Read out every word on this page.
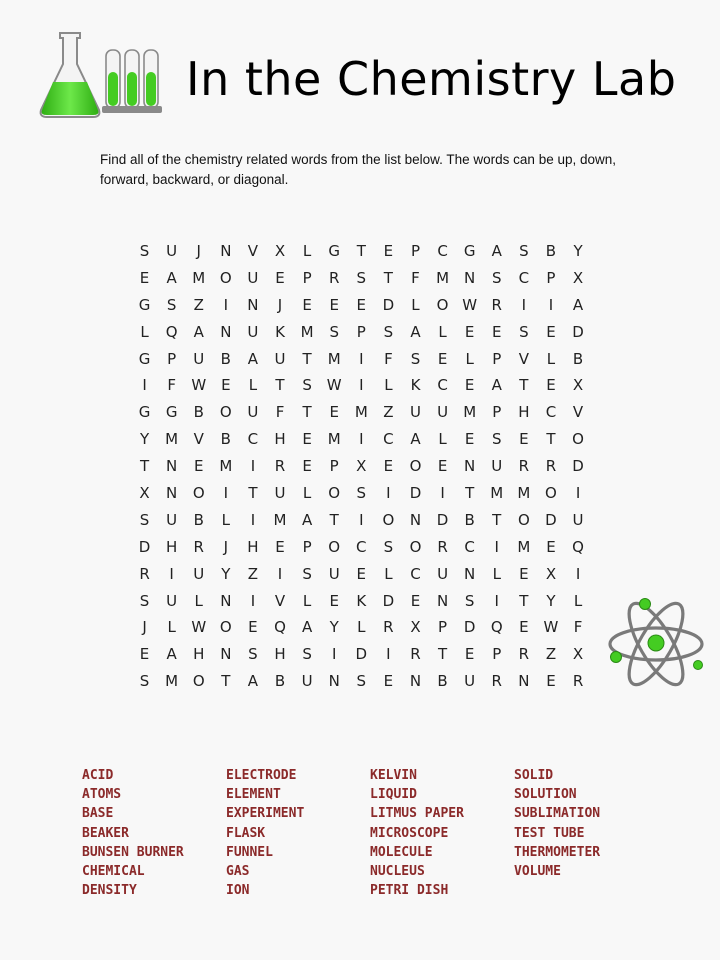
In the Chemistry Lab
Find all of the chemistry related words from the list below. The words can be up, down, forward, backward, or diagonal.
S	U	J	N	V	X	L	G	T	E	P	C	G	A	S	B	Y
E	A	M O	U	E	P	R	S	T	F	M	N	S	C	P	X
G	S	Z	I	N	J	E	E	E	D	L	O W R	I	I	A
L	Q	A	N	U	K	M	S	P	S	A	L	E	E	S	E	D
G	P	U	B	A	U	T	M	I	F	S	E	L	P	V	L	B
I	F	W E	L	T	S W	I	L	K	C	E	A	T	E	X
G	G	B	O	U	F	T	E	M	Z	U	U	M	P	H	C	V
Y	M	V	B	C	H	E	M	I	C	A	L	E	S	E	T	O
T	N	E	M	I	R	E	P	X	E	O	E	N	U	R	R	D
X	N	O	I	T	U	L	O	S	I	D	I	T	M M O	I
S	U	B	L	I	M	A	T	I	O	N	D	B	T	O	D	U
D	H	R	J	H	E	P	O	C	S	O	R	C	I	M	E	Q
R	I	U	Y	Z	I	S	U	E	L	C	U	N	L	E	X	I
S	U	L	N	I	V	L	E	K	D	E	N	S	I	T	Y	L
J	L	W O	E	Q	A	Y	L	R	X	P	D	Q	E W	F
E	A	H	N	S	H	S	I	D	I	R	T	E	P	R	Z	X
S	M O	T	A	B	U	N	S	E	N	B	U	R	N	E	R
ACID
ATOMS
BASE
BEAKER
BUNSEN BURNER
CHEMICAL
DENSITY
ELECTRODE
ELEMENT
EXPERIMENT
FLASK
FUNNEL
GAS
ION
KELVIN
LIQUID
LITMUS PAPER
MICROSCOPE
MOLECULE
NUCLEUS
PETRI DISH
SOLID
SOLUTION
SUBLIMATION
TEST TUBE
THERMOMETER
VOLUME
